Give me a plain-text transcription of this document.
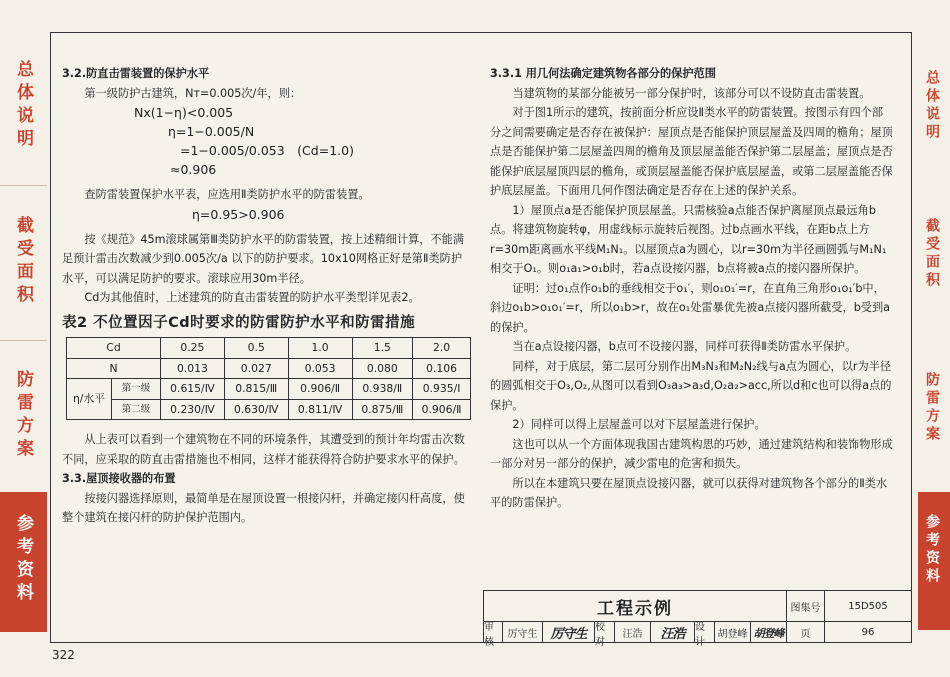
总体说明
截受面积
防雷方案
参考资料
总体说明
截受面积
防雷方案
参考资料

3.2.防直击雷装置的保护水平

第一级防护古建筑，Nт=0.005次/年，则：

Nx(1−η)<0.005

η=1−0.005/N

=1−0.005/0.053　(Cd=1.0)

≈0.906

查防雷装置保护水平表，应选用Ⅱ类防护水平的防雷装置。

η=0.95>0.906

按《规范》45m滚球属第Ⅲ类防护水平的防雷装置，按上述精细计算，不能满足预计雷击次数减少到0.005次/a 以下的防护要求。10x10网格正好是第Ⅱ类防护水平，可以满足防护的要求。滚球应用30m半径。

Cd为其他值时，上述建筑的防直击雷装置的防护水平类型详见表2。

表2 不位置因子Cd时要求的防雷防护水平和防雷措施

Cd		0.25	0.5	1.0	1.5	2.0
N		0.013	0.027	0.053	0.080	0.106
η/水平	第一级	0.615/Ⅳ	0.815/Ⅲ	0.906/Ⅱ	0.938/Ⅱ	0.935/Ⅰ
	第二级	0.230/Ⅳ	0.630/Ⅳ	0.811/Ⅳ	0.875/Ⅲ	0.906/Ⅱ

从上表可以看到一个建筑物在不同的环境条件，其遭受到的预计年均雷击次数不同，应采取的防直击雷措施也不相同，这样才能获得符合防护要求水平的保护。

3.3.屋顶接收器的布置

按接闪器选择原则，最简单是在屋顶设置一根接闪杆，并确定接闪杆高度，使整个建筑在接闪杆的防护保护范围内。

3.3.1 用几何法确定建筑物各部分的保护范围

当建筑物的某部分能被另一部分保护时，该部分可以不设防直击雷装置。

对于图1所示的建筑，按前面分析应设Ⅱ类水平的防雷装置。按图示有四个部分之间需要确定是否存在被保护：屋顶点是否能保护顶层屋盖及四周的檐角；屋顶点是否能保护第二层屋盖四周的檐角及顶层屋盖能否保护第二层屋盖；屋顶点是否能保护底层屋顶四层的檐角，或顶层屋盖能否保护底层屋盖，或第二层屋盖能否保护底层屋盖。下面用几何作图法确定是否存在上述的保护关系。

1）屋顶点a是否能保护顶层屋盖。只需核验a点能否保护离屋顶点最远角b点。将建筑物旋转φ，用虚线标示旋转后视图。过b点画水平线，在距b点上方r=30m距离画水平线M₁N₁。以屋顶点a为圆心，以r=30m为半径画圆弧与M₁N₁相交于O₁。则o₁a₁>o₁b时，若a点设接闪器，b点将被a点的接闪器所保护。

证明：过o₁点作o₁b的垂线相交于o₁′，则o₁o₁′=r，在直角三角形o₁o₁′b中，斜边o₁b>o₁o₁′=r，所以o₁b>r，故在o₁处雷暴优先被a点接闪器所截受，b受到a的保护。

当在a点设接闪器，b点可不设接闪器，同样可获得Ⅱ类防雷水平保护。

同样，对于底层，第二层可分别作出M₃N₃和M₂N₂线与a点为圆心，以r为半径的圆弧相交于O₃,O₂,从图可以看到O₃a₃>a₃d,O₂a₂>acc,所以d和c也可以得a点的保护。

2）同样可以得上层屋盖可以对下层屋盖进行保护。

这也可以从一个方面体现我国古建筑构思的巧妙，通过建筑结构和装饰物形成一部分对另一部分的保护，减少雷电的危害和损失。

所以在本建筑只要在屋顶点设接闪器，就可以获得对建筑物各个部分的Ⅱ类水平的防雷保护。

工程示例	图集号	15D505
审核
厉守生 厉守生 校对
汪浩	汪浩	设计
胡登峰 胡登峰	页	96
322
